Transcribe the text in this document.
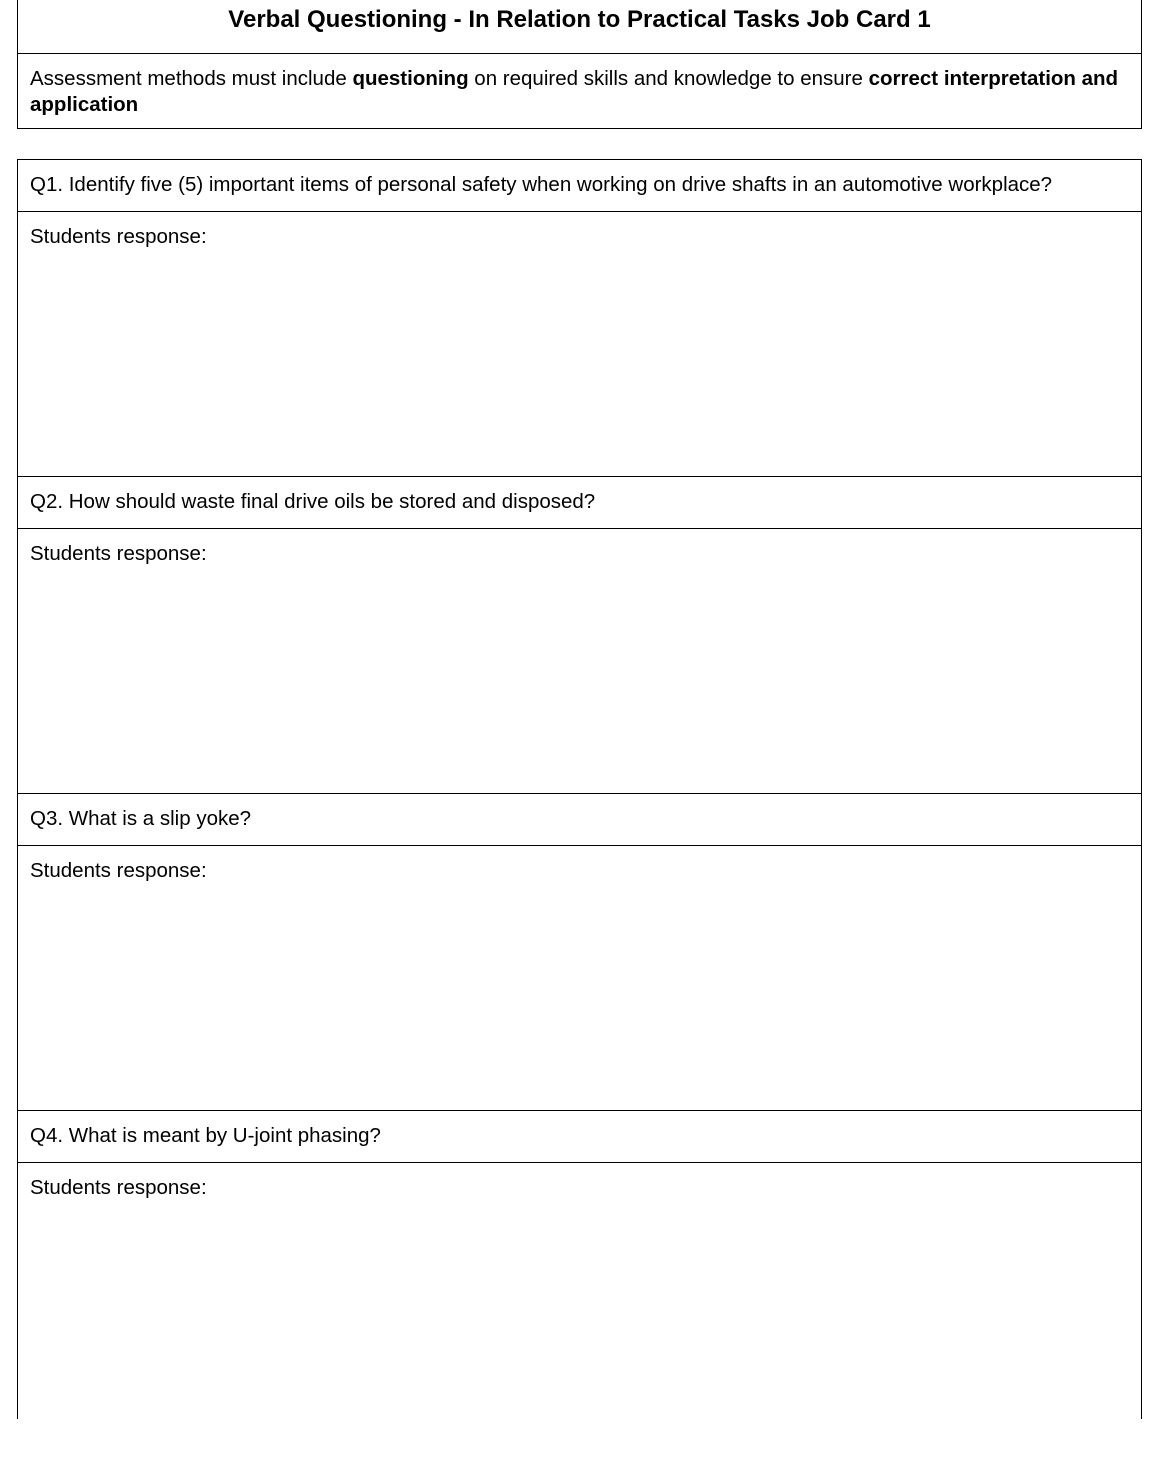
Verbal Questioning - In Relation to Practical Tasks Job Card 1
Assessment methods must include questioning on required skills and knowledge to ensure correct interpretation and application
Q1. Identify five (5) important items of personal safety when working on drive shafts in an automotive workplace?
Students response:
Q2. How should waste final drive oils be stored and disposed?
Students response:
Q3. What is a slip yoke?
Students response:
Q4. What is meant by U-joint phasing?
Students response:
